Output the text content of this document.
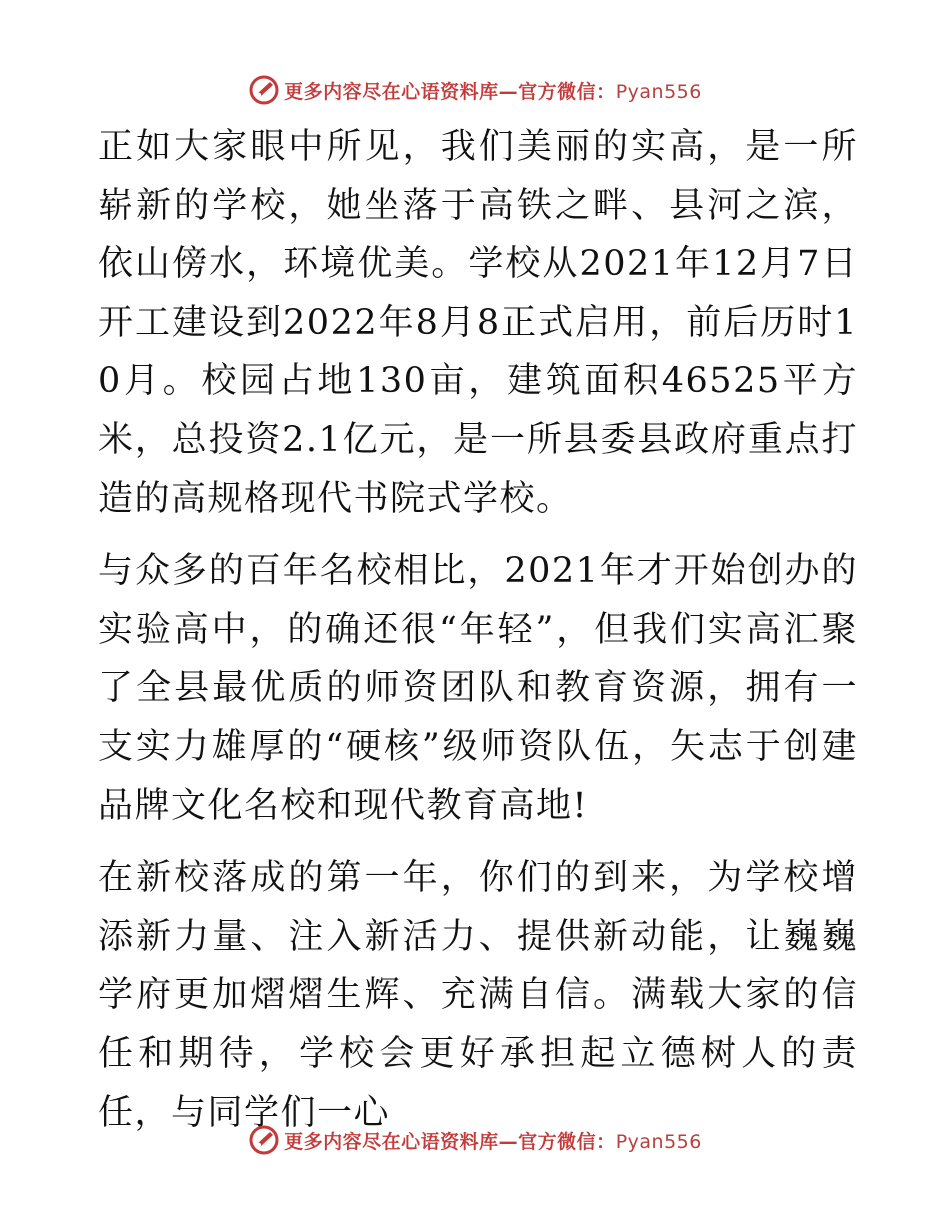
更多内容尽在心语资料库—官方微信：Pyan556

正如大家眼中所见，我们美丽的实高，是一所崭新的学校，她坐落于高铁之畔、县河之滨，依山傍水，环境优美。学校从2021年12月7日开工建设到2022年8月8正式启用，前后历时10月。校园占地130亩，建筑面积46525平方米，总投资2.1亿元，是一所县委县政府重点打造的高规格现代书院式学校。

与众多的百年名校相比，2021年才开始创办的实验高中，的确还很“年轻”，但我们实高汇聚了全县最优质的师资团队和教育资源，拥有一支实力雄厚的“硬核”级师资队伍，矢志于创建品牌文化名校和现代教育高地!

在新校落成的第一年，你们的到来，为学校增添新力量、注入新活力、提供新动能，让巍巍学府更加熠熠生辉、充满自信。满载大家的信任和期待，学校会更好承担起立德树人的责任，与同学们一心

更多内容尽在心语资料库—官方微信：Pyan556
